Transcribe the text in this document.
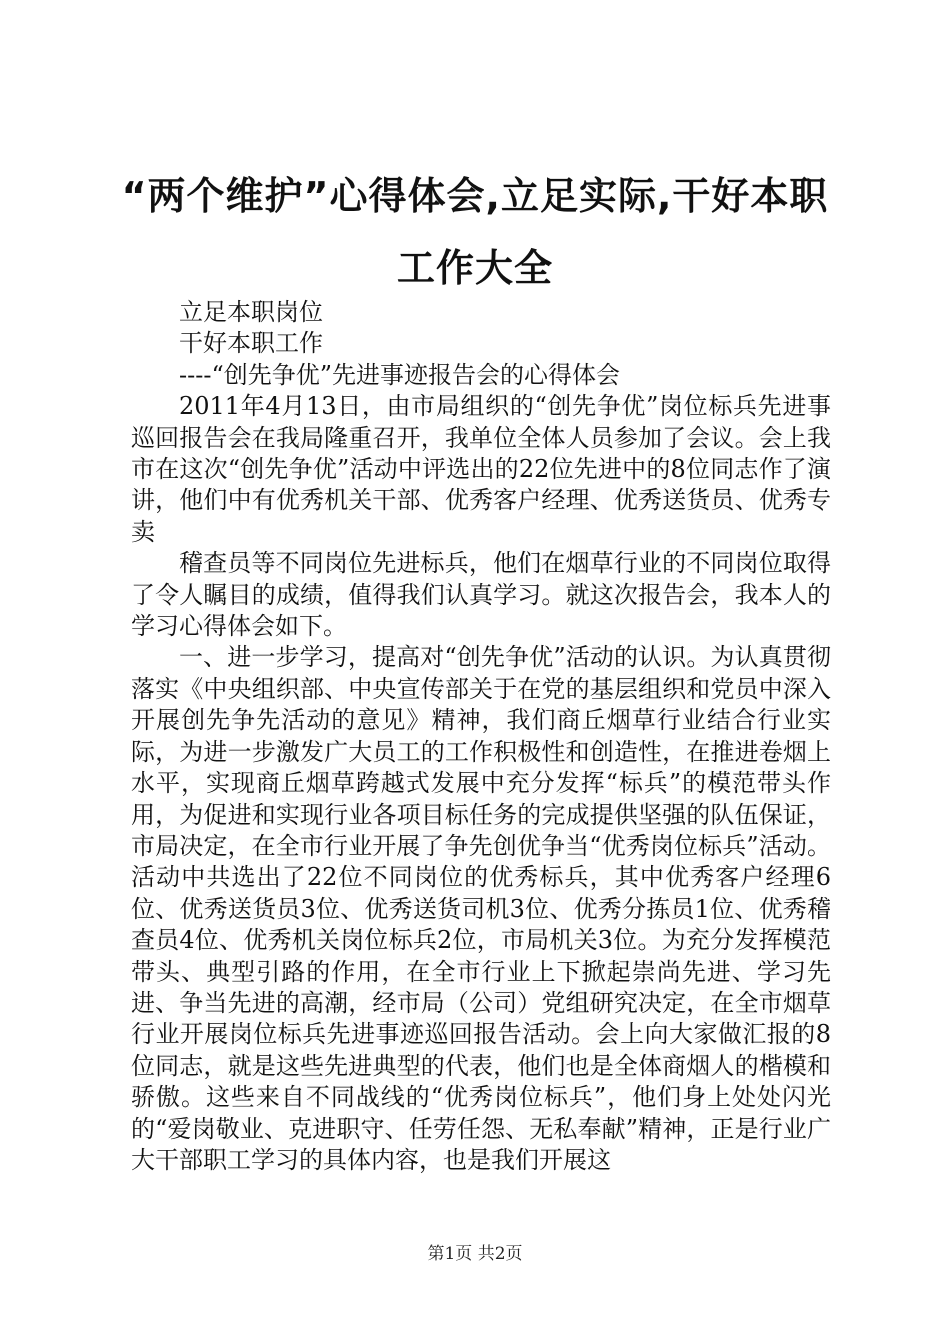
“两个维护”心得体会,立足实际,干好本职工作大全

立足本职岗位

干好本职工作

----“创先争优”先进事迹报告会的心得体会

2011年4月13日，由市局组织的“创先争优”岗位标兵先进事巡回报告会在我局隆重召开，我单位全体人员参加了会议。会上我市在这次“创先争优”活动中评选出的22位先进中的8位同志作了演讲，他们中有优秀机关干部、优秀客户经理、优秀送货员、优秀专卖

稽查员等不同岗位先进标兵，他们在烟草行业的不同岗位取得了令人瞩目的成绩，值得我们认真学习。就这次报告会，我本人的学习心得体会如下。

一、进一步学习，提高对“创先争优”活动的认识。为认真贯彻落实《中央组织部、中央宣传部关于在党的基层组织和党员中深入开展创先争先活动的意见》精神，我们商丘烟草行业结合行业实际，为进一步激发广大员工的工作积极性和创造性，在推进卷烟上水平，实现商丘烟草跨越式发展中充分发挥“标兵”的模范带头作用，为促进和实现行业各项目标任务的完成提供坚强的队伍保证，市局决定，在全市行业开展了争先创优争当“优秀岗位标兵”活动。活动中共选出了22位不同岗位的优秀标兵，其中优秀客户经理6位、优秀送货员3位、优秀送货司机3位、优秀分拣员1位、优秀稽查员4位、优秀机关岗位标兵2位，市局机关3位。为充分发挥模范带头、典型引路的作用，在全市行业上下掀起崇尚先进、学习先进、争当先进的高潮，经市局（公司）党组研究决定，在全市烟草行业开展岗位标兵先进事迹巡回报告活动。会上向大家做汇报的8位同志，就是这些先进典型的代表，他们也是全体商烟人的楷模和骄傲。这些来自不同战线的“优秀岗位标兵”，他们身上处处闪光的“爱岗敬业、克进职守、任劳任怨、无私奉献”精神，正是行业广大干部职工学习的具体内容，也是我们开展这

第1页 共2页
